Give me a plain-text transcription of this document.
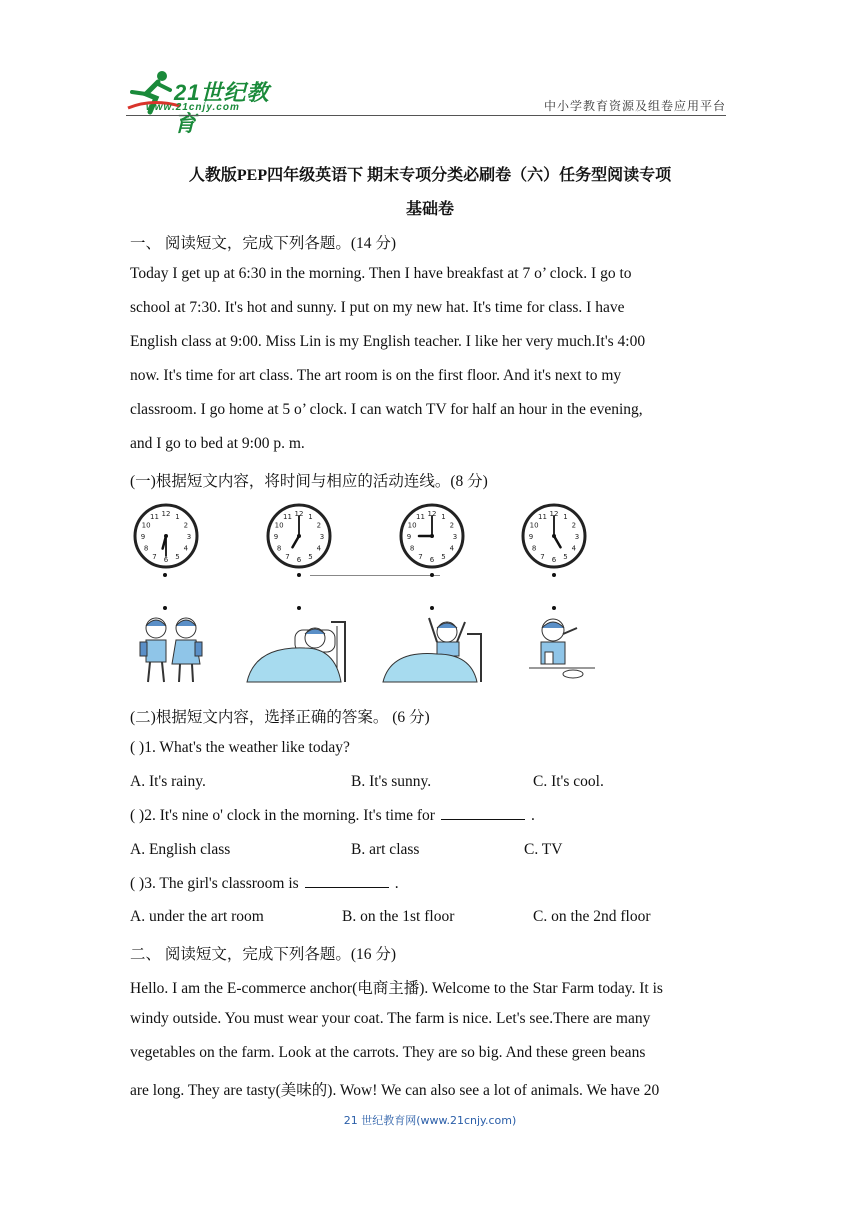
21世纪教育
www.21cnjy.com	中小学教育资源及组卷应用平台
人教版PEP四年级英语下 期末专项分类必刷卷（六）任务型阅读专项
基础卷
一、 阅读短文，完成下列各题。(14 分)
Today I get up at 6:30 in the morning. Then I have breakfast at 7 o’ clock. I go to
school at 7:30. It's hot and sunny. I put on my new hat. It's time for class. I have
English class at 9:00. Miss Lin is my English teacher. I like her very much.It's 4:00
now. It's time for art class. The art room is on the first floor. And it's next to my
classroom. I go home at 5 o’ clock. I can watch TV for half an hour in the evening,
and I go to bed at 9:00 p. m.
(一)根据短文内容，将时间与相应的活动连线。(8 分)
1
2
3
4
5
6
7
8
9
10
11 12	1
2
3
4
5
6
7
8
9
10
11 12	1
2
3
4
5
6
7
8
9
10
11 12	1
2
3
4
5
6
7
8
9
10
11 12
(二)根据短文内容，选择正确的答案。 (6 分)
( )1. What's the weather like today?
A. It's rainy.	B. It's sunny.	C. It's cool.
( )2. It's nine o' clock in the morning. It's time for	.
A. English class	B. art class	C. TV
( )3. The girl's classroom is	.
A. under the art room	B. on the 1st floor	C. on the 2nd floor
二、 阅读短文，完成下列各题。(16 分)
Hello. I am the E-commerce anchor(电商主播). Welcome to the Star Farm today. It is
windy outside. You must wear your coat. The farm is nice. Let's see.There are many
vegetables on the farm. Look at the carrots. They are so big. And these green beans
are long. They are tasty(美味的). Wow! We can also see a lot of animals. We have 20
21 世纪教育网(www.21cnjy.com)
